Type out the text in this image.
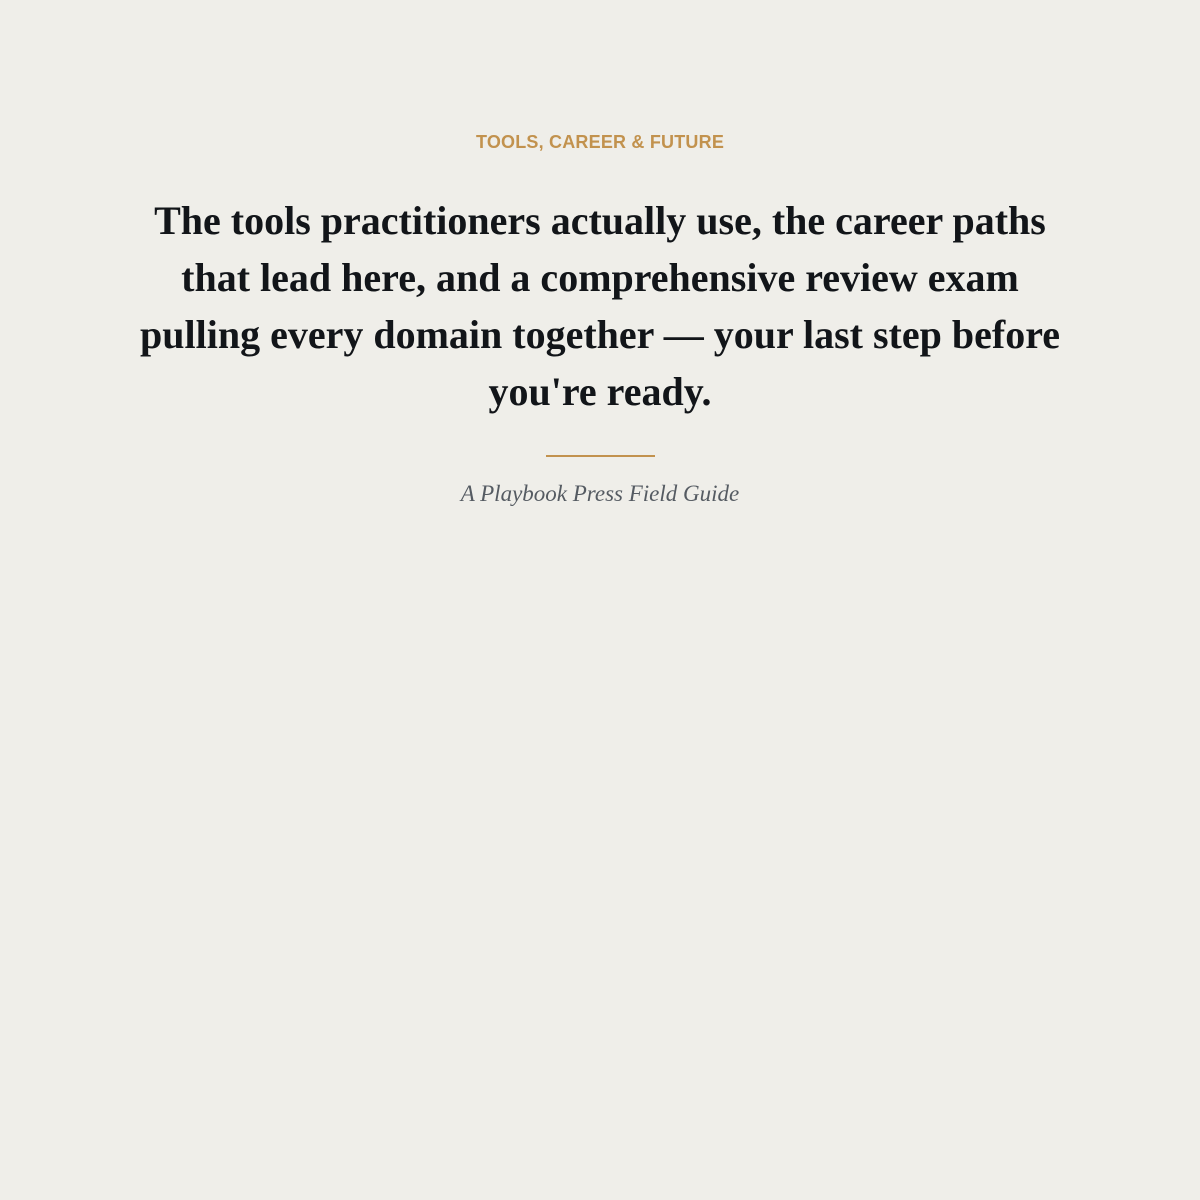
TOOLS, CAREER & FUTURE
The tools practitioners actually use, the career paths that lead here, and a comprehensive review exam pulling every domain together — your last step before you're ready.
A Playbook Press Field Guide
